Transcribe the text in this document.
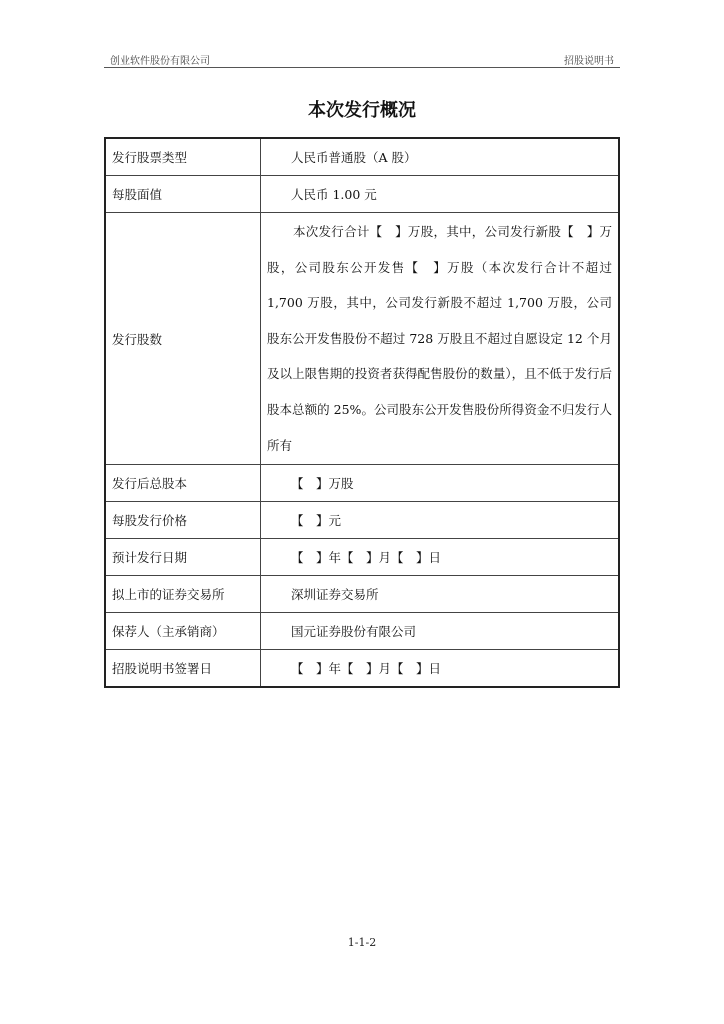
创业软件股份有限公司	招股说明书
本次发行概况
发行股票类型	人民币普通股（A 股）
每股面值	人民币 1.00 元
发行股数	本次发行合计【　】万股，其中，公司发行新股【　】万股，公司股东公开发售【　】万股（本次发行合计不超过 1,700 万股，其中，公司发行新股不超过 1,700 万股，公司股东公开发售股份不超过 728 万股且不超过自愿设定 12 个月及以上限售期的投资者获得配售股份的数量），且不低于发行后股本总额的 25%。公司股东公开发售股份所得资金不归发行人所有

发行后总股本	【　】万股
每股发行价格	【　】元
预计发行日期	【　】年【　】月【　】日
拟上市的证券交易所	深圳证券交易所
保荐人（主承销商）	国元证券股份有限公司
招股说明书签署日	【　】年【　】月【　】日
1-1-2
